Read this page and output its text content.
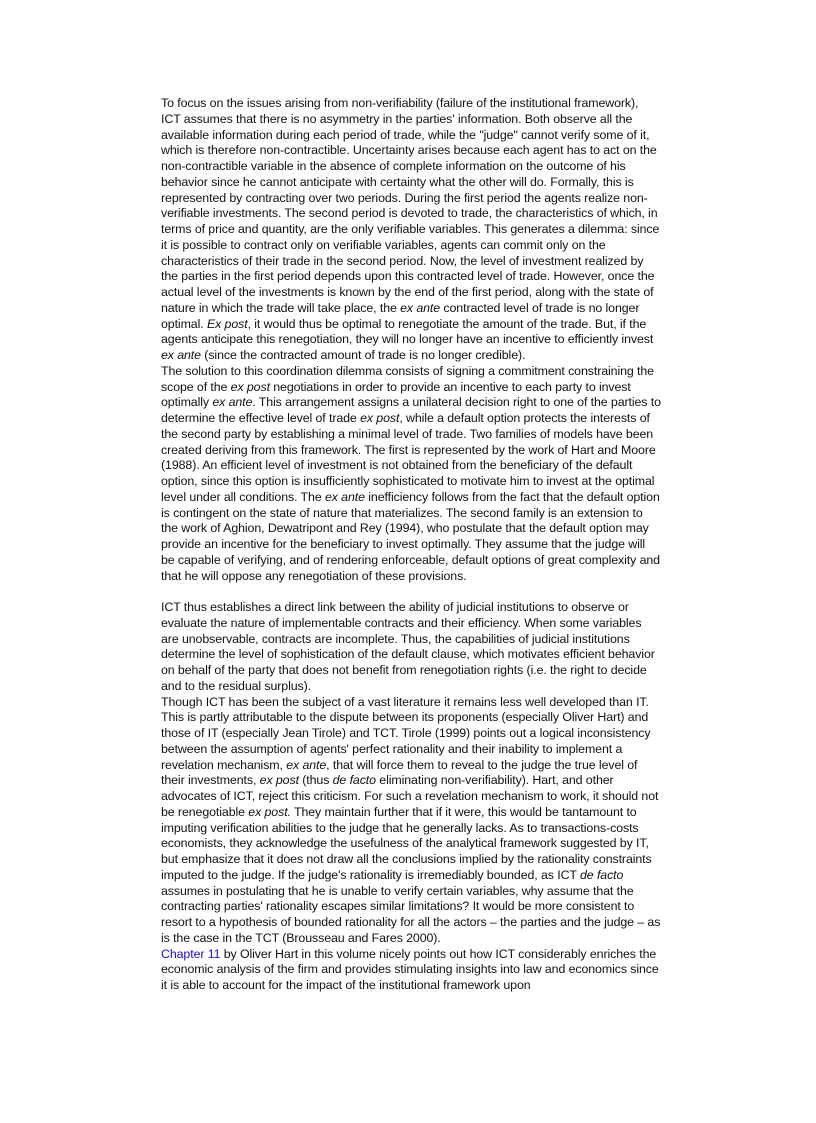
To focus on the issues arising from non-verifiability (failure of the institutional framework), ICT assumes that there is no asymmetry in the parties' information. Both observe all the available information during each period of trade, while the "judge" cannot verify some of it, which is therefore non-contractible. Uncertainty arises because each agent has to act on the non-contractible variable in the absence of complete information on the outcome of his behavior since he cannot anticipate with certainty what the other will do. Formally, this is represented by contracting over two periods. During the first period the agents realize non-verifiable investments. The second period is devoted to trade, the characteristics of which, in terms of price and quantity, are the only verifiable variables. This generates a dilemma: since it is possible to contract only on verifiable variables, agents can commit only on the characteristics of their trade in the second period. Now, the level of investment realized by the parties in the first period depends upon this contracted level of trade. However, once the actual level of the investments is known by the end of the first period, along with the state of nature in which the trade will take place, the ex ante contracted level of trade is no longer optimal. Ex post, it would thus be optimal to renegotiate the amount of the trade. But, if the agents anticipate this renegotiation, they will no longer have an incentive to efficiently invest ex ante (since the contracted amount of trade is no longer credible).

The solution to this coordination dilemma consists of signing a commitment constraining the scope of the ex post negotiations in order to provide an incentive to each party to invest optimally ex ante. This arrangement assigns a unilateral decision right to one of the parties to determine the effective level of trade ex post, while a default option protects the interests of the second party by establishing a minimal level of trade. Two families of models have been created deriving from this framework. The first is represented by the work of Hart and Moore (1988). An efficient level of investment is not obtained from the beneficiary of the default option, since this option is insufficiently sophisticated to motivate him to invest at the optimal level under all conditions. The ex ante inefficiency follows from the fact that the default option is contingent on the state of nature that materializes. The second family is an extension to the work of Aghion, Dewatripont and Rey (1994), who postulate that the default option may provide an incentive for the beneficiary to invest optimally. They assume that the judge will be capable of verifying, and of rendering enforceable, default options of great complexity and that he will oppose any renegotiation of these provisions.

ICT thus establishes a direct link between the ability of judicial institutions to observe or evaluate the nature of implementable contracts and their efficiency. When some variables are unobservable, contracts are incomplete. Thus, the capabilities of judicial institutions determine the level of sophistication of the default clause, which motivates efficient behavior on behalf of the party that does not benefit from renegotiation rights (i.e. the right to decide and to the residual surplus).

Though ICT has been the subject of a vast literature it remains less well developed than IT. This is partly attributable to the dispute between its proponents (especially Oliver Hart) and those of IT (especially Jean Tirole) and TCT. Tirole (1999) points out a logical inconsistency between the assumption of agents' perfect rationality and their inability to implement a revelation mechanism, ex ante, that will force them to reveal to the judge the true level of their investments, ex post (thus de facto eliminating non-verifiability). Hart, and other advocates of ICT, reject this criticism. For such a revelation mechanism to work, it should not be renegotiable ex post. They maintain further that if it were, this would be tantamount to imputing verification abilities to the judge that he generally lacks. As to transactions-costs economists, they acknowledge the usefulness of the analytical framework suggested by IT, but emphasize that it does not draw all the conclusions implied by the rationality constraints imputed to the judge. If the judge's rationality is irremediably bounded, as ICT de facto assumes in postulating that he is unable to verify certain variables, why assume that the contracting parties' rationality escapes similar limitations? It would be more consistent to resort to a hypothesis of bounded rationality for all the actors – the parties and the judge – as is the case in the TCT (Brousseau and Fares 2000).

Chapter 11 by Oliver Hart in this volume nicely points out how ICT considerably enriches the economic analysis of the firm and provides stimulating insights into law and economics since it is able to account for the impact of the institutional framework upon
